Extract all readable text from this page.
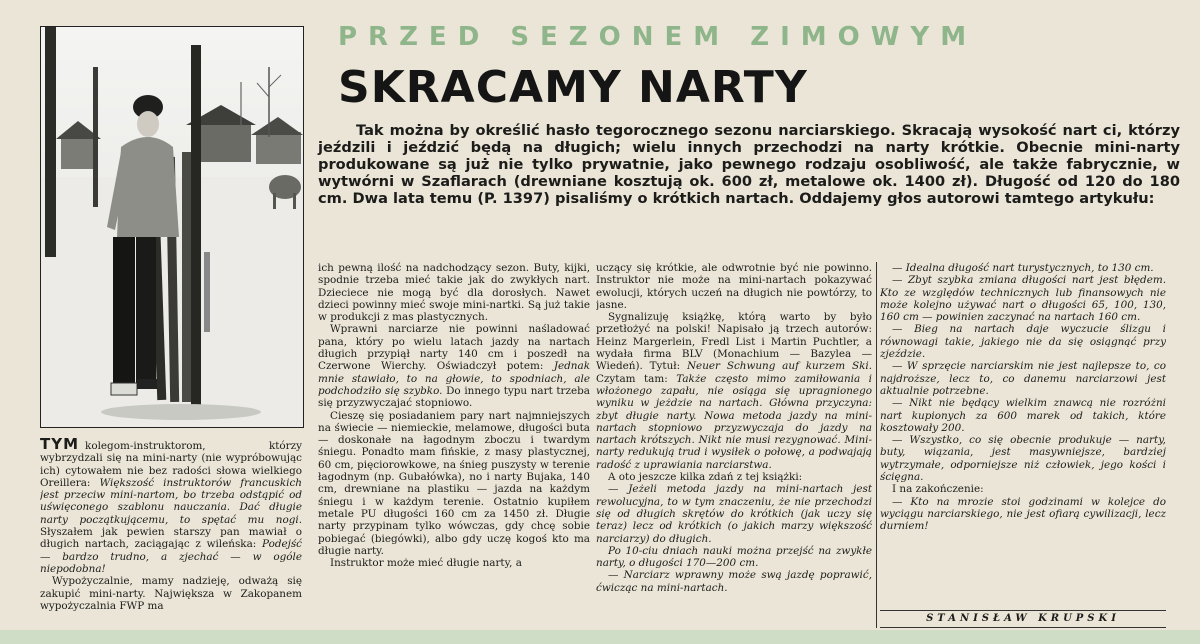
PRZED SEZONEM ZIMOWYM
SKRACAMY NARTY
Tak można by określić hasło tegorocznego sezonu narciarskiego. Skracają wysokość nart ci, którzy jeździli i jeździć będą na długich; wielu innych przechodzi na narty krótkie. Obecnie mini-narty produkowane są już nie tylko prywatnie, jako pewnego rodzaju osobliwość, ale także fabrycznie, w wytwórni w Szaflarach (drewniane kosztują ok. 600 zł, metalowe ok. 1400 zł). Długość od 120 do 180 cm. Dwa lata temu (P. 1397) pisaliśmy o krótkich nartach. Oddajemy głos autorowi tamtego artykułu:

TYM kolegom-instruktorom, którzy wybrzydzali się na mini-narty (nie wypróbowując ich) cytowałem nie bez radości słowa wielkiego Oreillera: Większość instruktorów francuskich jest przeciw mini-nartom, bo trzeba odstąpić od uświęconego szablonu nauczania. Dać długie narty początkującemu, to spętać mu nogi. Słyszałem jak pewien starszy pan mawiał o długich nartach, zaciągając z wileńska: Podejść — bardzo trudno, a zjechać — w ogóle niepodobna!

Wypożyczalnie, mamy nadzieję, odważą się zakupić mini-narty. Największa w Zakopanem wypożyczalnia FWP ma

ich pewną ilość na nadchodzący sezon. Buty, kijki, spodnie trzeba mieć takie jak do zwykłych nart. Dzieciece nie mogą być dla dorosłych. Nawet dzieci powinny mieć swoje mini-nartki. Są już takie w produkcji z mas plastycznych.

Wprawni narciarze nie powinni naśladować pana, który po wielu latach jazdy na nartach długich przypiął narty 140 cm i poszedł na Czerwone Wierchy. Oświadczył potem: Jednak mnie stawiało, to na głowie, to spodniach, ale podchodziło się szybko. Do innego typu nart trzeba się przyzwyczajać stopniowo.

Cieszę się posiadaniem pary nart najmniejszych na świecie — niemieckie, melamowe, długości buta — doskonałe na łagodnym zboczu i twardym śniegu. Ponadto mam fińskie, z masy plastycznej, 60 cm, pięciorowkowe, na śnieg puszysty w terenie łagodnym (np. Gubałówka), no i narty Bujaka, 140 cm, drewniane na plastiku — jazda na każdym śniegu i w każdym terenie. Ostatnio kupiłem metale PU długości 160 cm za 1450 zł. Długie narty przypinam tylko wówczas, gdy chcę sobie pobiegać (biegówki), albo gdy uczę kogoś kto ma długie narty.

Instruktor może mieć długie narty, a

uczący się krótkie, ale odwrotnie być nie powinno. Instruktor nie może na mini-nartach pokazywać ewolucji, których uczeń na długich nie powtórzy, to jasne.

Sygnalizuję książkę, którą warto by było przetłożyć na polski! Napisało ją trzech autorów: Heinz Margerlein, Fredl List i Martin Puchtler, a wydała firma BLV (Monachium — Bazylea — Wiedeń). Tytuł: Neuer Schwung auf kurzem Ski. Czytam tam: Także często mimo zamiłowania i włożonego zapału, nie osiąga się upragnionego wyniku w jeżdzie na nartach. Główna przyczyna: zbyt długie narty. Nowa metoda jazdy na mini-nartach stopniowo przyzwyczaja do jazdy na nartach krótszych. Nikt nie musi rezygnować. Mini-narty redukują trud i wysiłek o połowę, a podwajają radość z uprawiania narciarstwa.

A oto jeszcze kilka zdań z tej książki:

— Jeżeli metoda jazdy na mini-nartach jest rewolucyjna, to w tym znaczeniu, że nie przechodzi się od długich skrętów do krótkich (jak uczy się teraz) lecz od krótkich (o jakich marzy większość narciarzy) do długich.

Po 10-ciu dniach nauki można przejść na zwykłe narty, o długości 170—200 cm.

— Narciarz wprawny może swą jazdę poprawić, ćwicząc na mini-nartach.

— Idealna długość nart turystycznych, to 130 cm.

— Zbyt szybka zmiana długości nart jest błędem. Kto ze względów technicznych lub finansowych nie może kolejno używać nart o długości 65, 100, 130, 160 cm — powinien zaczynać na nartach 160 cm.

— Bieg na nartach daje wyczucie ślizgu i równowagi takie, jakiego nie da się osiągnąć przy zjeździe.

— W sprzęcie narciarskim nie jest najlepsze to, co najdroższe, lecz to, co danemu narciarzowi jest aktualnie potrzebne.

— Nikt nie będący wielkim znawcą nie rozróżni nart kupionych za 600 marek od takich, które kosztowały 200.

— Wszystko, co się obecnie produkuje — narty, buty, wiązania, jest masywniejsze, bardziej wytrzymałe, odporniejsze niż człowiek, jego kości i ścięgna.

I na zakończenie:

— Kto na mrozie stoi godzinami w kolejce do wyciągu narciarskiego, nie jest ofiarą cywilizacji, lecz durniem!

STANISŁAW KRUPSKI
